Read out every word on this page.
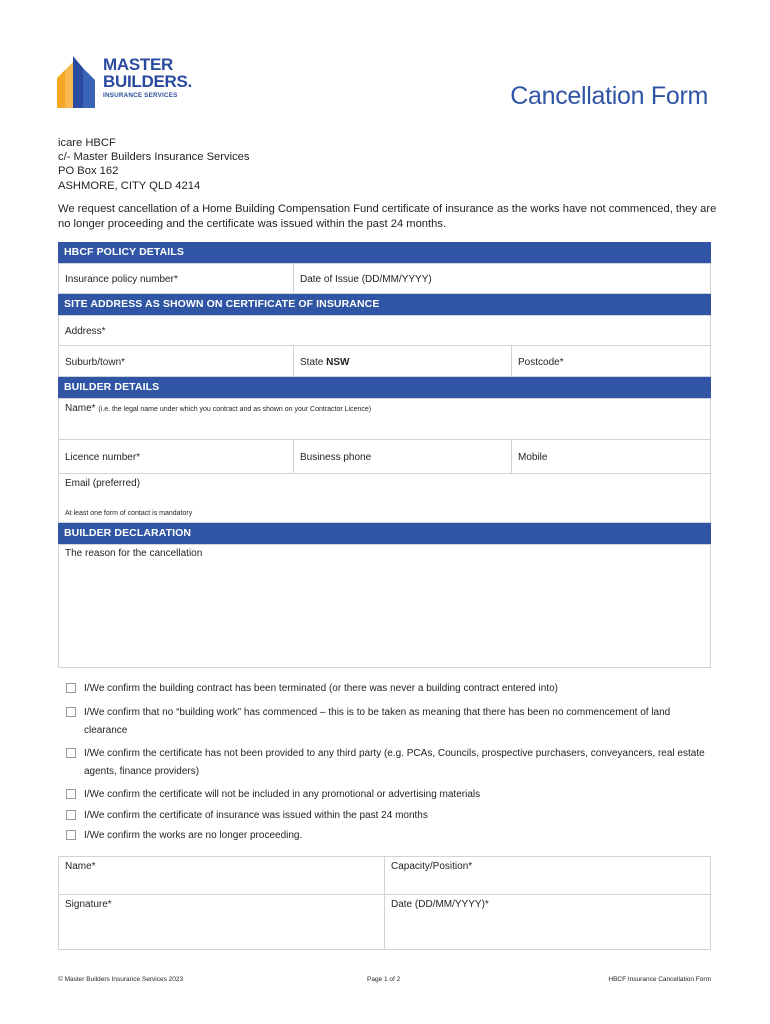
MASTER
BUILDERS.
INSURANCE SERVICES	Cancellation Form
icare HBCF
c/- Master Builders Insurance Services
PO Box 162
ASHMORE, CITY QLD 4214
We request cancellation of a Home Building Compensation Fund certificate of insurance as the works have not commenced, they are no longer proceeding and the certificate was issued within the past 24 months.
HBCF POLICY DETAILS
Insurance policy number*	Date of Issue (DD/MM/YYYY)
SITE ADDRESS AS SHOWN ON CERTIFICATE OF INSURANCE
Address*
Suburb/town*	State NSW	Postcode*
BUILDER DETAILS
Name* (i.e. the legal name under which you contract and as shown on your Contractor Licence)
Licence number*	Business phone	Mobile
Email (preferred)
At least one form of contact is mandatory
BUILDER DECLARATION
The reason for the cancellation
I/We confirm the building contract has been terminated (or there was never a building contract entered into)
I/We confirm that no “building work” has commenced – this is to be taken as meaning that there has been no commencement of land clearance
I/We confirm the certificate has not been provided to any third party (e.g. PCAs, Councils, prospective purchasers, conveyancers, real estate agents, finance providers)
I/We confirm the certificate will not be included in any promotional or advertising materials
I/We confirm the certificate of insurance was issued within the past 24 months
I/We confirm the works are no longer proceeding.
Name*	Capacity/Position*
Signature*	Date (DD/MM/YYYY)*
© Master Builders Insurance Services 2023	Page 1 of 2	HBCF Insurance Cancellation Form
